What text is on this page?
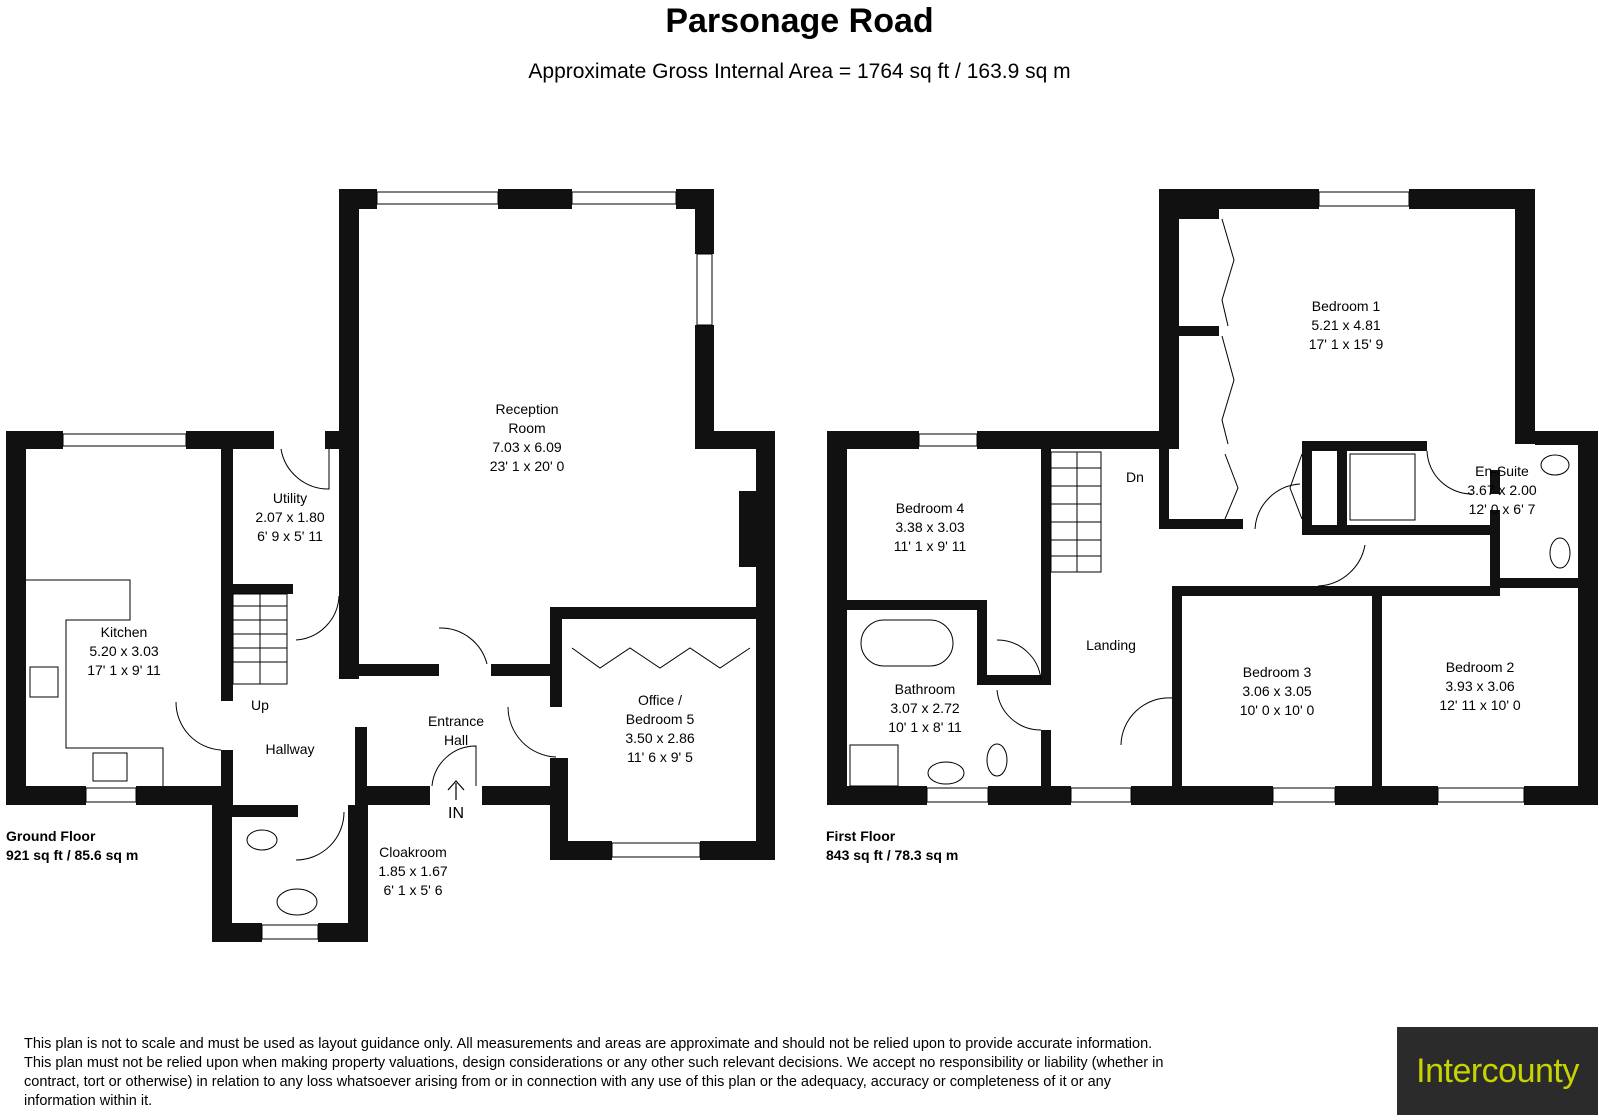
Parsonage Road
Approximate Gross Internal Area = 1764 sq ft / 163.9 sq m
Reception
Room
7.03 x 6.09
23' 1 x 20' 0
Utility
2.07 x 1.80
6' 9 x 5' 11
Kitchen
5.20 x 3.03
17' 1 x 9' 11
Office /
Bedroom 5
3.50 x 2.86
11' 6 x 9' 5
Hallway
Entrance
Hall
Cloakroom
1.85 x 1.67
6' 1 x 5' 6
Up
IN
Bedroom 1
5.21 x 4.81
17' 1 x 15' 9
En-Suite
3.67 x 2.00
12' 0 x 6' 7
Bedroom 4
3.38 x 3.03
11' 1 x 9' 11
Bathroom
3.07 x 2.72
10' 1 x 8' 11
Landing
Bedroom 3
3.06 x 3.05
10' 0 x 10' 0
Bedroom 2
3.93 x 3.06
12' 11 x 10' 0
Dn
Ground Floor
921 sq ft / 85.6 sq m
First Floor
843 sq ft / 78.3 sq m
This plan is not to scale and must be used as layout guidance only. All measurements and areas are approximate and should not be relied upon to provide accurate information. This plan must not be relied upon when making property valuations, design considerations or any other such relevant decisions. We accept no responsibility or liability (whether in contract, tort or otherwise) in relation to any loss whatsoever arising from or in connection with any use of this plan or the adequacy, accuracy or completeness of it or any information within it.
Intercounty
